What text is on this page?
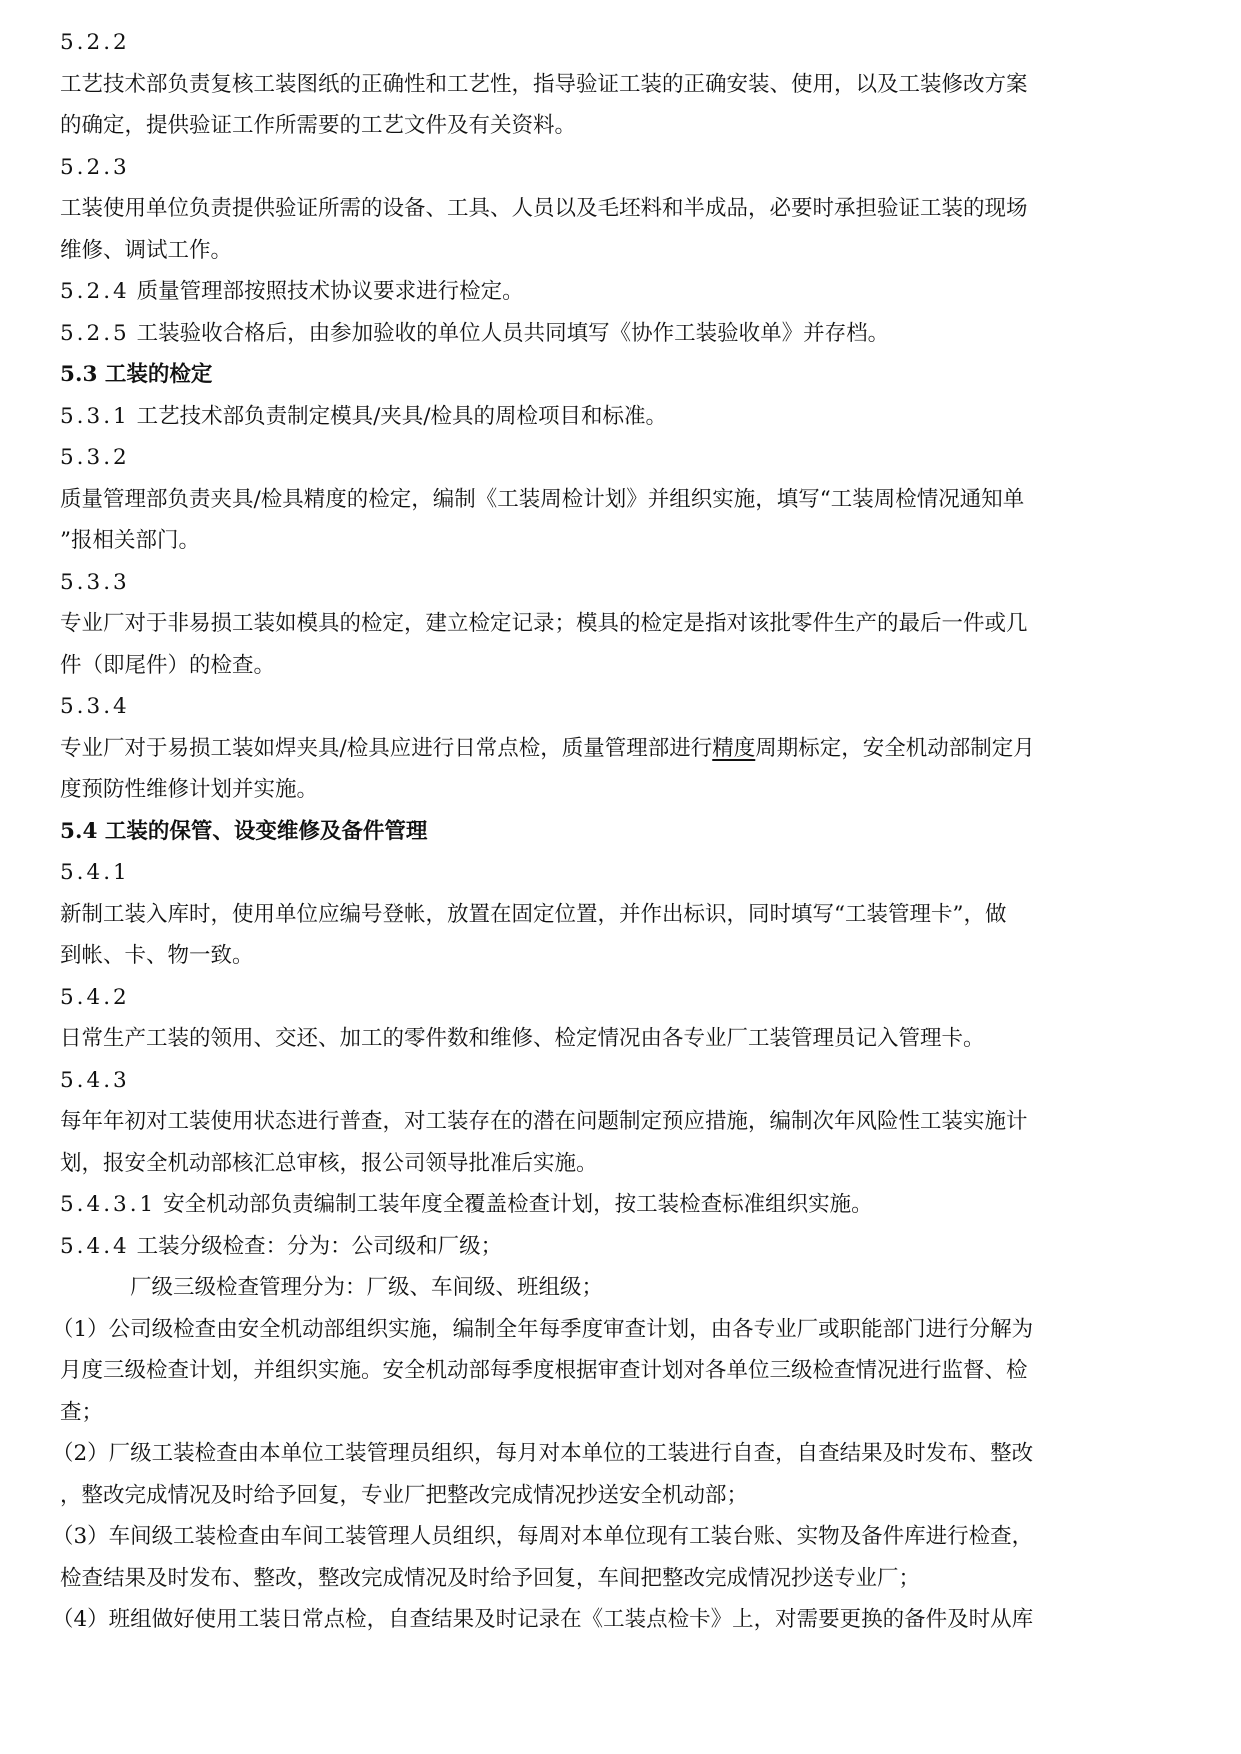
5.2.2
工艺技术部负责复核工装图纸的正确性和工艺性，指导验证工装的正确安装、使用，以及工装修改方案
的确定，提供验证工作所需要的工艺文件及有关资料。
5.2.3
工装使用单位负责提供验证所需的设备、工具、人员以及毛坯料和半成品，必要时承担验证工装的现场
维修、调试工作。
5.2.4 质量管理部按照技术协议要求进行检定。
5.2.5 工装验收合格后，由参加验收的单位人员共同填写《协作工装验收单》并存档。
5.3 工装的检定
5.3.1 工艺技术部负责制定模具/夹具/检具的周检项目和标准。
5.3.2
质量管理部负责夹具/检具精度的检定，编制《工装周检计划》并组织实施，填写“工装周检情况通知单
”报相关部门。
5.3.3
专业厂对于非易损工装如模具的检定，建立检定记录；模具的检定是指对该批零件生产的最后一件或几
件（即尾件）的检查。
5.3.4
专业厂对于易损工装如焊夹具/检具应进行日常点检，质量管理部进行精度周期标定，安全机动部制定月
度预防性维修计划并实施。
5.4 工装的保管、设变维修及备件管理
5.4.1
新制工装入库时，使用单位应编号登帐，放置在固定位置，并作出标识，同时填写“工装管理卡”，做
到帐、卡、物一致。
5.4.2
日常生产工装的领用、交还、加工的零件数和维修、检定情况由各专业厂工装管理员记入管理卡。
5.4.3
每年年初对工装使用状态进行普查，对工装存在的潜在问题制定预应措施，编制次年风险性工装实施计
划，报安全机动部核汇总审核，报公司领导批准后实施。
5.4.3.1 安全机动部负责编制工装年度全覆盖检查计划，按工装检查标准组织实施。
5.4.4 工装分级检查：分为：公司级和厂级；
厂级三级检查管理分为：厂级、车间级、班组级；
（1）公司级检查由安全机动部组织实施，编制全年每季度审查计划，由各专业厂或职能部门进行分解为
月度三级检查计划，并组织实施。安全机动部每季度根据审查计划对各单位三级检查情况进行监督、检
查；
（2）厂级工装检查由本单位工装管理员组织，每月对本单位的工装进行自查，自查结果及时发布、整改
，整改完成情况及时给予回复，专业厂把整改完成情况抄送安全机动部；
（3）车间级工装检查由车间工装管理人员组织，每周对本单位现有工装台账、实物及备件库进行检查，
检查结果及时发布、整改，整改完成情况及时给予回复，车间把整改完成情况抄送专业厂；
（4）班组做好使用工装日常点检，自查结果及时记录在《工装点检卡》上，对需要更换的备件及时从库
